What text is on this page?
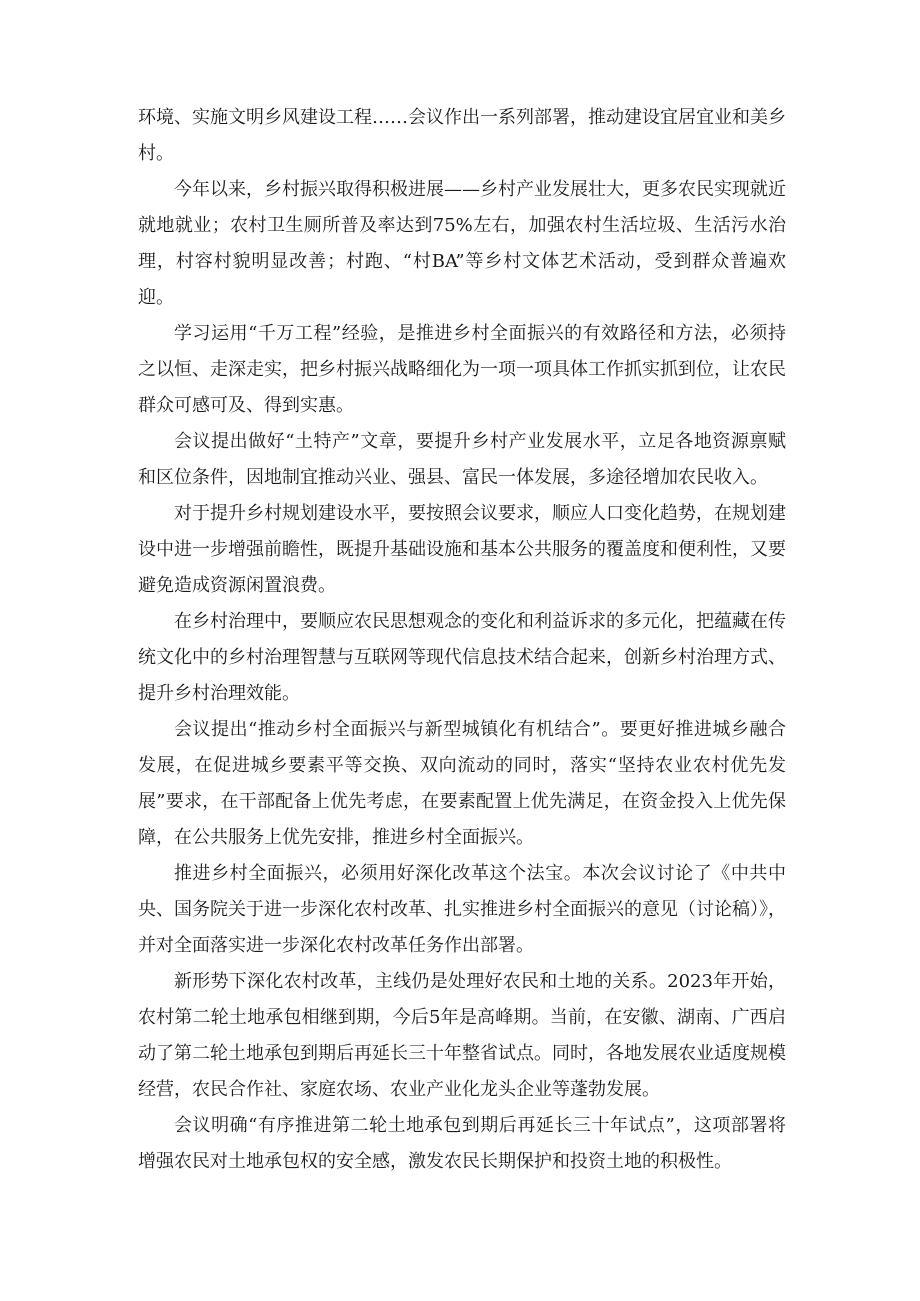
环境、实施文明乡风建设工程……会议作出一系列部署，推动建设宜居宜业和美乡村。

今年以来，乡村振兴取得积极进展——乡村产业发展壮大，更多农民实现就近就地就业；农村卫生厕所普及率达到75%左右，加强农村生活垃圾、生活污水治理，村容村貌明显改善；村跑、“村BA”等乡村文体艺术活动，受到群众普遍欢迎。

学习运用“千万工程”经验，是推进乡村全面振兴的有效路径和方法，必须持之以恒、走深走实，把乡村振兴战略细化为一项一项具体工作抓实抓到位，让农民群众可感可及、得到实惠。

会议提出做好“土特产”文章，要提升乡村产业发展水平，立足各地资源禀赋和区位条件，因地制宜推动兴业、强县、富民一体发展，多途径增加农民收入。

对于提升乡村规划建设水平，要按照会议要求，顺应人口变化趋势，在规划建设中进一步增强前瞻性，既提升基础设施和基本公共服务的覆盖度和便利性，又要避免造成资源闲置浪费。

在乡村治理中，要顺应农民思想观念的变化和利益诉求的多元化，把蕴藏在传统文化中的乡村治理智慧与互联网等现代信息技术结合起来，创新乡村治理方式、提升乡村治理效能。

会议提出“推动乡村全面振兴与新型城镇化有机结合”。要更好推进城乡融合发展，在促进城乡要素平等交换、双向流动的同时，落实“坚持农业农村优先发展”要求，在干部配备上优先考虑，在要素配置上优先满足，在资金投入上优先保障，在公共服务上优先安排，推进乡村全面振兴。

推进乡村全面振兴，必须用好深化改革这个法宝。本次会议讨论了《中共中央、国务院关于进一步深化农村改革、扎实推进乡村全面振兴的意见（讨论稿）》，并对全面落实进一步深化农村改革任务作出部署。

新形势下深化农村改革，主线仍是处理好农民和土地的关系。2023年开始，农村第二轮土地承包相继到期，今后5年是高峰期。当前，在安徽、湖南、广西启动了第二轮土地承包到期后再延长三十年整省试点。同时，各地发展农业适度规模经营，农民合作社、家庭农场、农业产业化龙头企业等蓬勃发展。

会议明确“有序推进第二轮土地承包到期后再延长三十年试点”，这项部署将增强农民对土地承包权的安全感，激发农民长期保护和投资土地的积极性。
